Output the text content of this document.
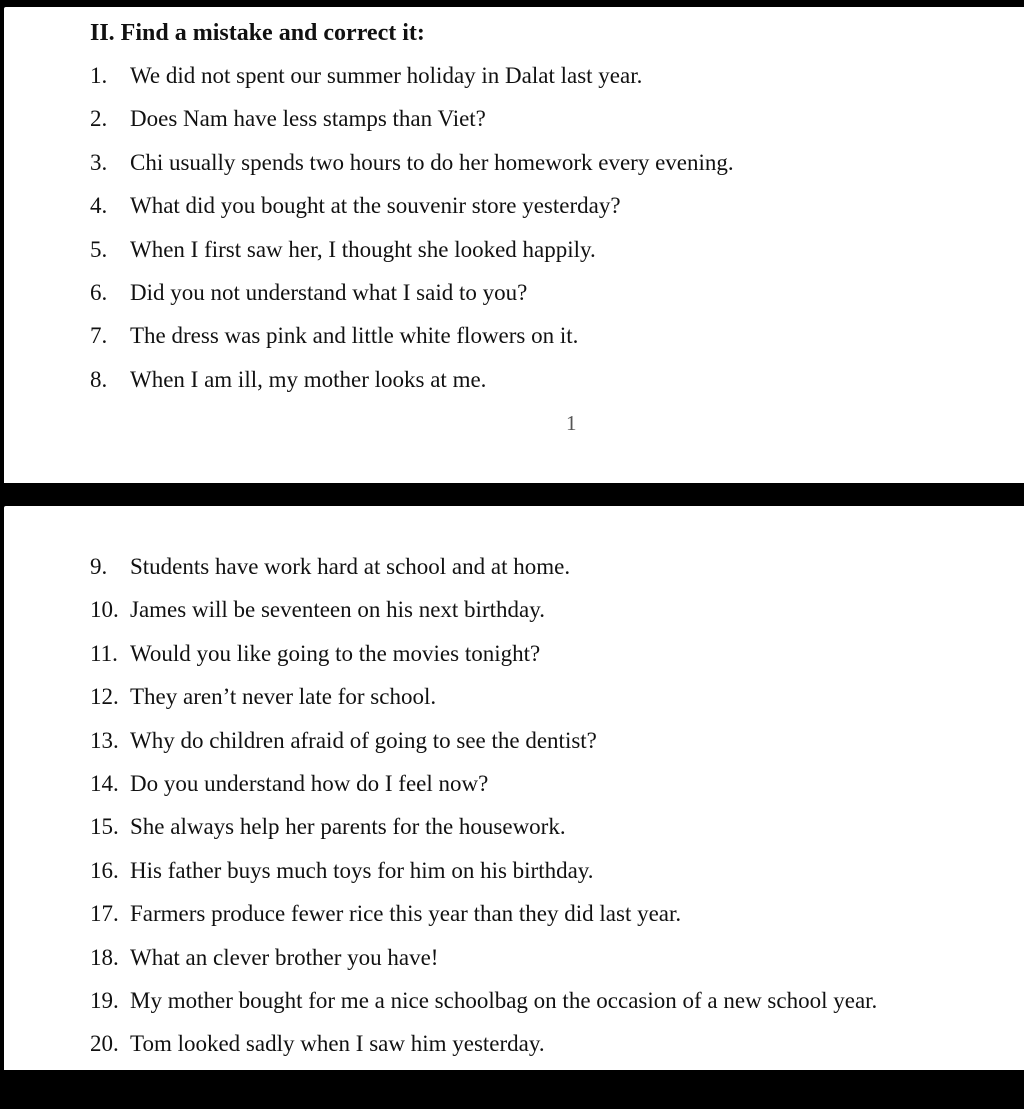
II. Find a mistake and correct it:
1. We did not spent our summer holiday in Dalat last year.
2. Does Nam have less stamps than Viet?
3. Chi usually spends two hours to do her homework every evening.
4. What did you bought at the souvenir store yesterday?
5. When I first saw her, I thought she looked happily.
6. Did you not understand what I said to you?
7. The dress was pink and little white flowers on it.
8. When I am ill, my mother looks at me.
1
9. Students have work hard at school and at home.
10. James will be seventeen on his next birthday.
11. Would you like going to the movies tonight?
12. They aren’t never late for school.
13. Why do children afraid of going to see the dentist?
14. Do you understand how do I feel now?
15. She always help her parents for the housework.
16. His father buys much toys for him on his birthday.
17. Farmers produce fewer rice this year than they did last year.
18. What an clever brother you have!
19. My mother bought for me a nice schoolbag on the occasion of a new school year.
20. Tom looked sadly when I saw him yesterday.
